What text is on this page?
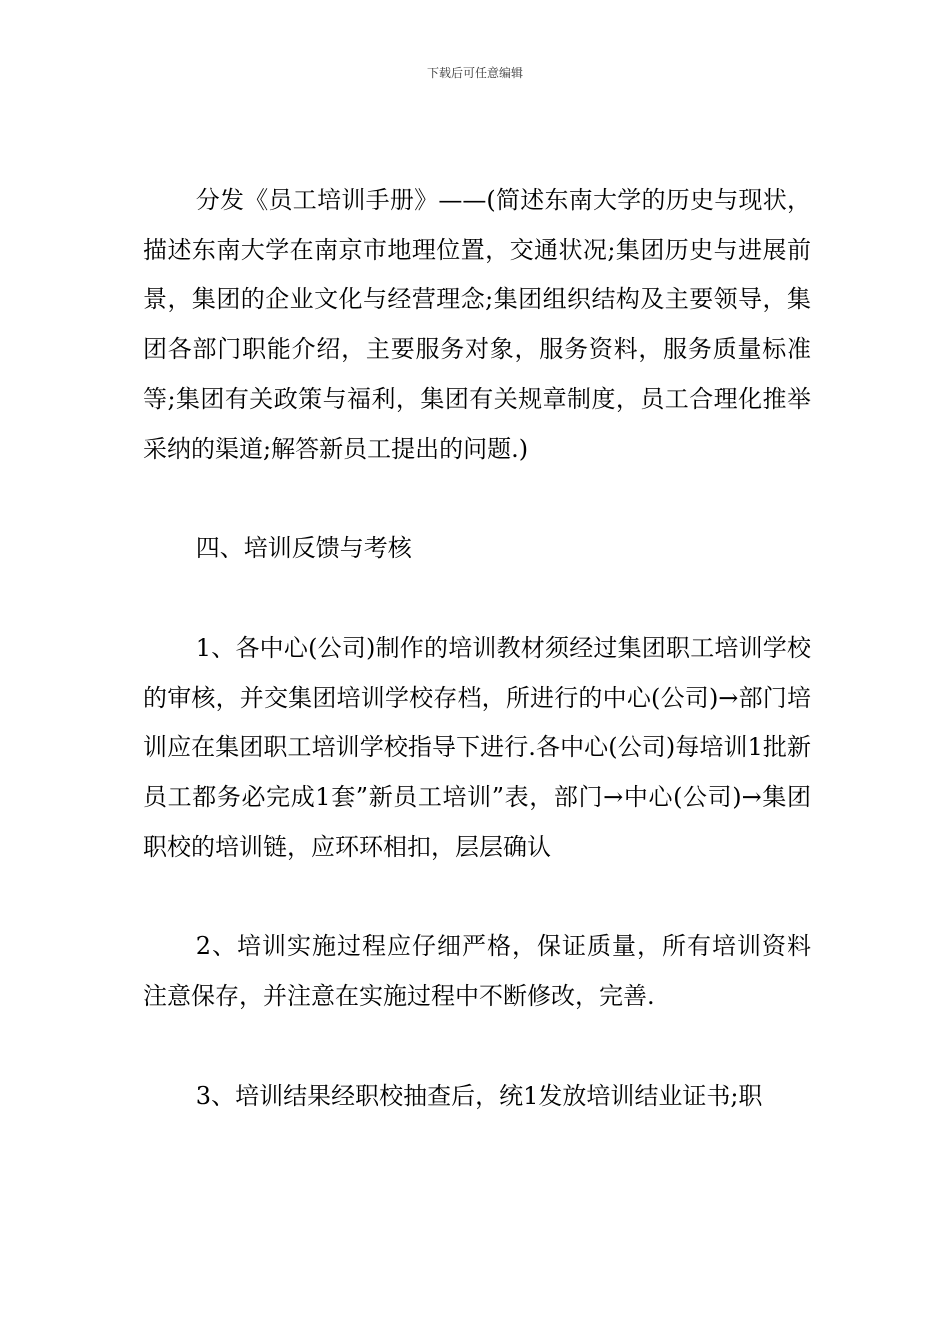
下载后可任意编辑

分发《员工培训手册》——(简述东南大学的历史与现状，描述东南大学在南京市地理位置，交通状况;集团历史与进展前景，集团的企业文化与经营理念;集团组织结构及主要领导，集团各部门职能介绍，主要服务对象，服务资料，服务质量标准等;集团有关政策与福利，集团有关规章制度，员工合理化推举采纳的渠道;解答新员工提出的问题.)

四、培训反馈与考核

1、各中心(公司)制作的培训教材须经过集团职工培训学校的审核，并交集团培训学校存档，所进行的中心(公司)→部门培训应在集团职工培训学校指导下进行.各中心(公司)每培训1批新员工都务必完成1套”新员工培训”表，部门→中心(公司)→集团职校的培训链，应环环相扣，层层确认

2、培训实施过程应仔细严格，保证质量，所有培训资料注意保存，并注意在实施过程中不断修改，完善.

3、培训结果经职校抽查后，统1发放培训结业证书;职
